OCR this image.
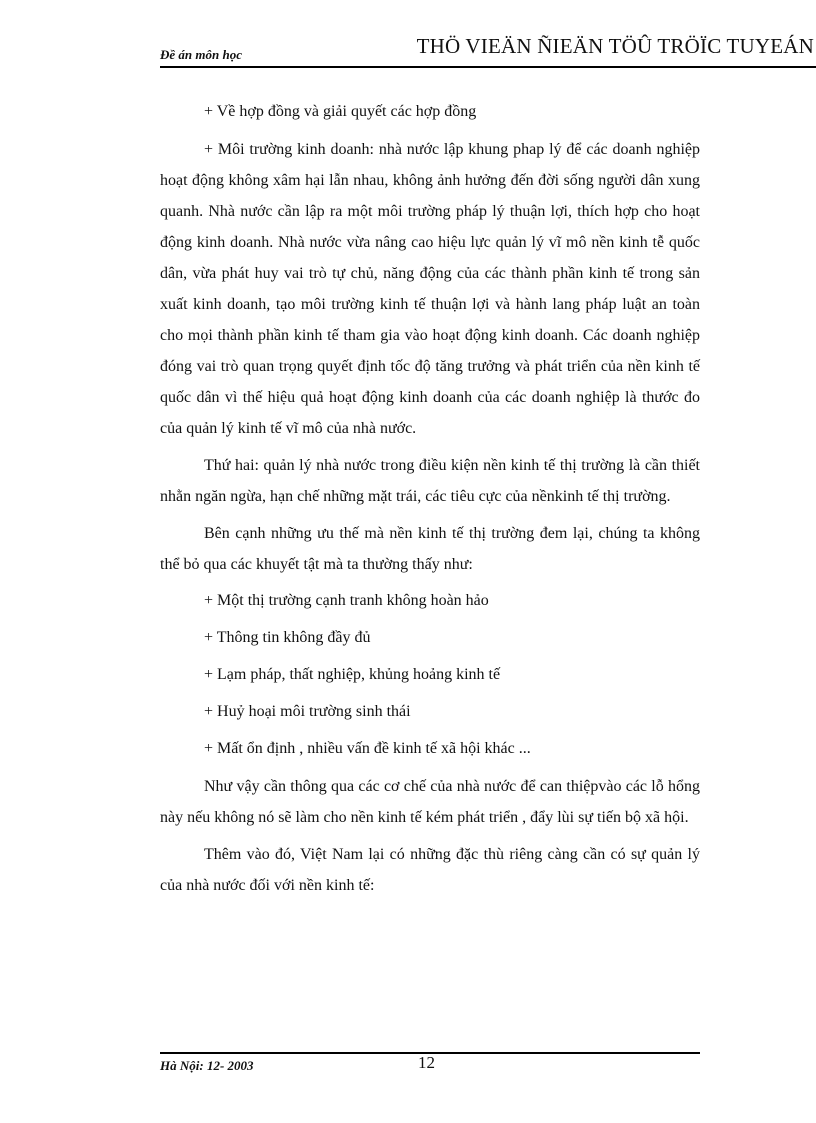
Đề án môn học	THÖ VIEÄN ÑIEÄN TÖÛ TRÖÏC TUYEÁN

+ Về hợp đồng và giải quyết các hợp đồng

+ Môi trường kinh doanh: nhà nước lập khung phap lý để các doanh nghiệp hoạt động không xâm hại lẫn nhau, không ảnh hưởng đến đời sống người dân xung quanh. Nhà nước cần lập ra một môi trường pháp lý thuận lợi, thích hợp cho hoạt động kinh doanh. Nhà nước vừa nâng cao hiệu lực quản lý vĩ mô nền kinh tễ quốc dân, vừa phát huy vai trò tự chủ, năng động của các thành phần kinh tế trong sản xuất kinh doanh, tạo môi trường kinh tế thuận lợi và hành lang pháp luật an toàn cho mọi thành phần kinh tế tham gia vào hoạt động kinh doanh. Các doanh nghiệp đóng vai trò quan trọng quyết định tốc độ tăng trưởng và phát triển của nền kinh tế quốc dân vì thế hiệu quả hoạt động kinh doanh của các doanh nghiệp là thước đo của quản lý kinh tế vĩ mô của nhà nước.

Thứ hai: quản lý nhà nước trong điều kiện nền kinh tế thị trường là cần thiết nhằn ngăn ngừa, hạn chế những mặt trái, các tiêu cực của nềnkinh tế thị trường.

Bên cạnh những ưu thế mà nền kinh tế thị trường đem lại, chúng ta không thể bỏ qua các khuyết tật mà ta thường thấy như:

+ Một thị trường cạnh tranh không hoàn hảo

+ Thông tin không đầy đủ

+ Lạm pháp, thất nghiệp, khủng hoảng kinh tế

+ Huỷ hoại môi trường sinh thái

+ Mất ổn định , nhiều vấn đề kinh tế xã hội khác ...

Như vậy cần thông qua các cơ chế của nhà nước để can thiệpvào các lỗ hổng này nếu không nó sẽ làm cho nền kinh tế kém phát triển , đẩy lùi sự tiến bộ xã hội.

Thêm vào đó, Việt Nam lại có những đặc thù riêng càng cần có sự quản lý của nhà nước đối với nền kinh tế:

Hà Nội: 12- 2003	12
